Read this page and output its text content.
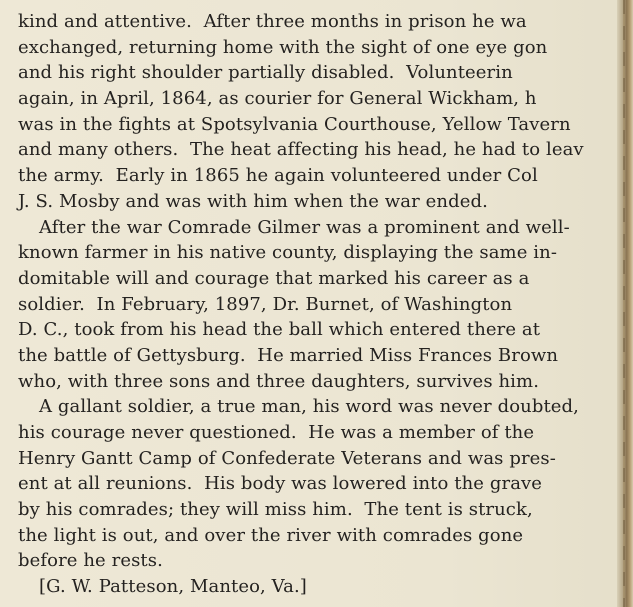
kind and attentive.  After three months in prison he wa
exchanged, returning home with the sight of one eye gon
and his right shoulder partially disabled.  Volunteerin
again, in April, 1864, as courier for General Wickham, h
was in the fights at Spotsylvania Courthouse, Yellow Tavern
and many others.  The heat affecting his head, he had to leav
the army.  Early in 1865 he again volunteered under Col
J. S. Mosby and was with him when the war ended.
After the war Comrade Gilmer was a prominent and well-
known farmer in his native county, displaying the same in-
domitable will and courage that marked his career as a
soldier.  In February, 1897, Dr. Burnet, of Washington
D. C., took from his head the ball which entered there at
the battle of Gettysburg.  He married Miss Frances Brown
who, with three sons and three daughters, survives him.
A gallant soldier, a true man, his word was never doubted,
his courage never questioned.  He was a member of the
Henry Gantt Camp of Confederate Veterans and was pres-
ent at all reunions.  His body was lowered into the grave
by his comrades; they will miss him.  The tent is struck,
the light is out, and over the river with comrades gone
before he rests.
[G. W. Patteson, Manteo, Va.]
